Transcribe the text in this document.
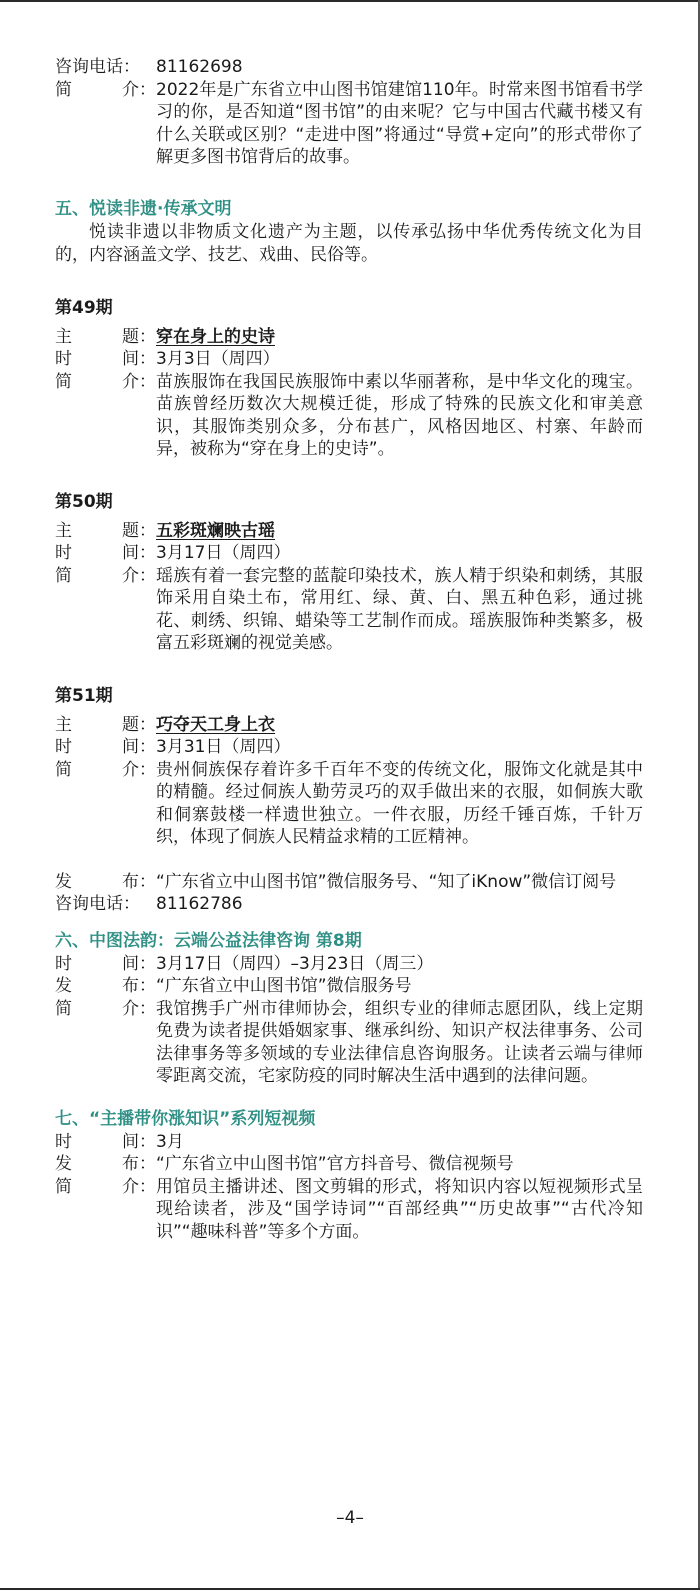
咨询电话： 81162698
简	介： 2022年是广东省立中山图书馆建馆110年。时常来图书馆看书学习的你，是否知道“图书馆”的由来呢？它与中国古代藏书楼又有什么关联或区别？“走进中图”将通过“导赏+定向”的形式带你了解更多图书馆背后的故事。
五、悦读非遗·传承文明
悦读非遗以非物质文化遗产为主题，以传承弘扬中华优秀传统文化为目的，内容涵盖文学、技艺、戏曲、民俗等。
第49期
主	题： 穿在身上的史诗
时	间： 3月3日（周四）
简	介： 苗族服饰在我国民族服饰中素以华丽著称，是中华文化的瑰宝。苗族曾经历数次大规模迁徙，形成了特殊的民族文化和审美意识，其服饰类别众多，分布甚广，风格因地区、村寨、年龄而异，被称为“穿在身上的史诗”。
第50期
主	题： 五彩斑斓映古瑶
时	间： 3月17日（周四）
简	介： 瑶族有着一套完整的蓝靛印染技术，族人精于织染和刺绣，其服饰采用自染土布，常用红、绿、黄、白、黑五种色彩，通过挑花、刺绣、织锦、蜡染等工艺制作而成。瑶族服饰种类繁多，极富五彩斑斓的视觉美感。
第51期
主	题： 巧夺天工身上衣
时	间： 3月31日（周四）
简	介： 贵州侗族保存着许多千百年不变的传统文化，服饰文化就是其中的精髓。经过侗族人勤劳灵巧的双手做出来的衣服，如侗族大歌和侗寨鼓楼一样遗世独立。一件衣服，历经千锤百炼，千针万织，体现了侗族人民精益求精的工匠精神。
发	布： “广东省立中山图书馆”微信服务号、“知了iKnow”微信订阅号
咨询电话： 81162786
六、中图法韵：云端公益法律咨询 第8期
时	间： 3月17日（周四）–3月23日（周三）
发	布： “广东省立中山图书馆”微信服务号
简	介： 我馆携手广州市律师协会，组织专业的律师志愿团队，线上定期免费为读者提供婚姻家事、继承纠纷、知识产权法律事务、公司法律事务等多领域的专业法律信息咨询服务。让读者云端与律师零距离交流，宅家防疫的同时解决生活中遇到的法律问题。
七、“主播带你涨知识”系列短视频
时	间： 3月
发	布： “广东省立中山图书馆”官方抖音号、微信视频号
简	介： 用馆员主播讲述、图文剪辑的形式，将知识内容以短视频形式呈现给读者，涉及“国学诗词”“百部经典”“历史故事”“古代冷知识”“趣味科普”等多个方面。
–4–
